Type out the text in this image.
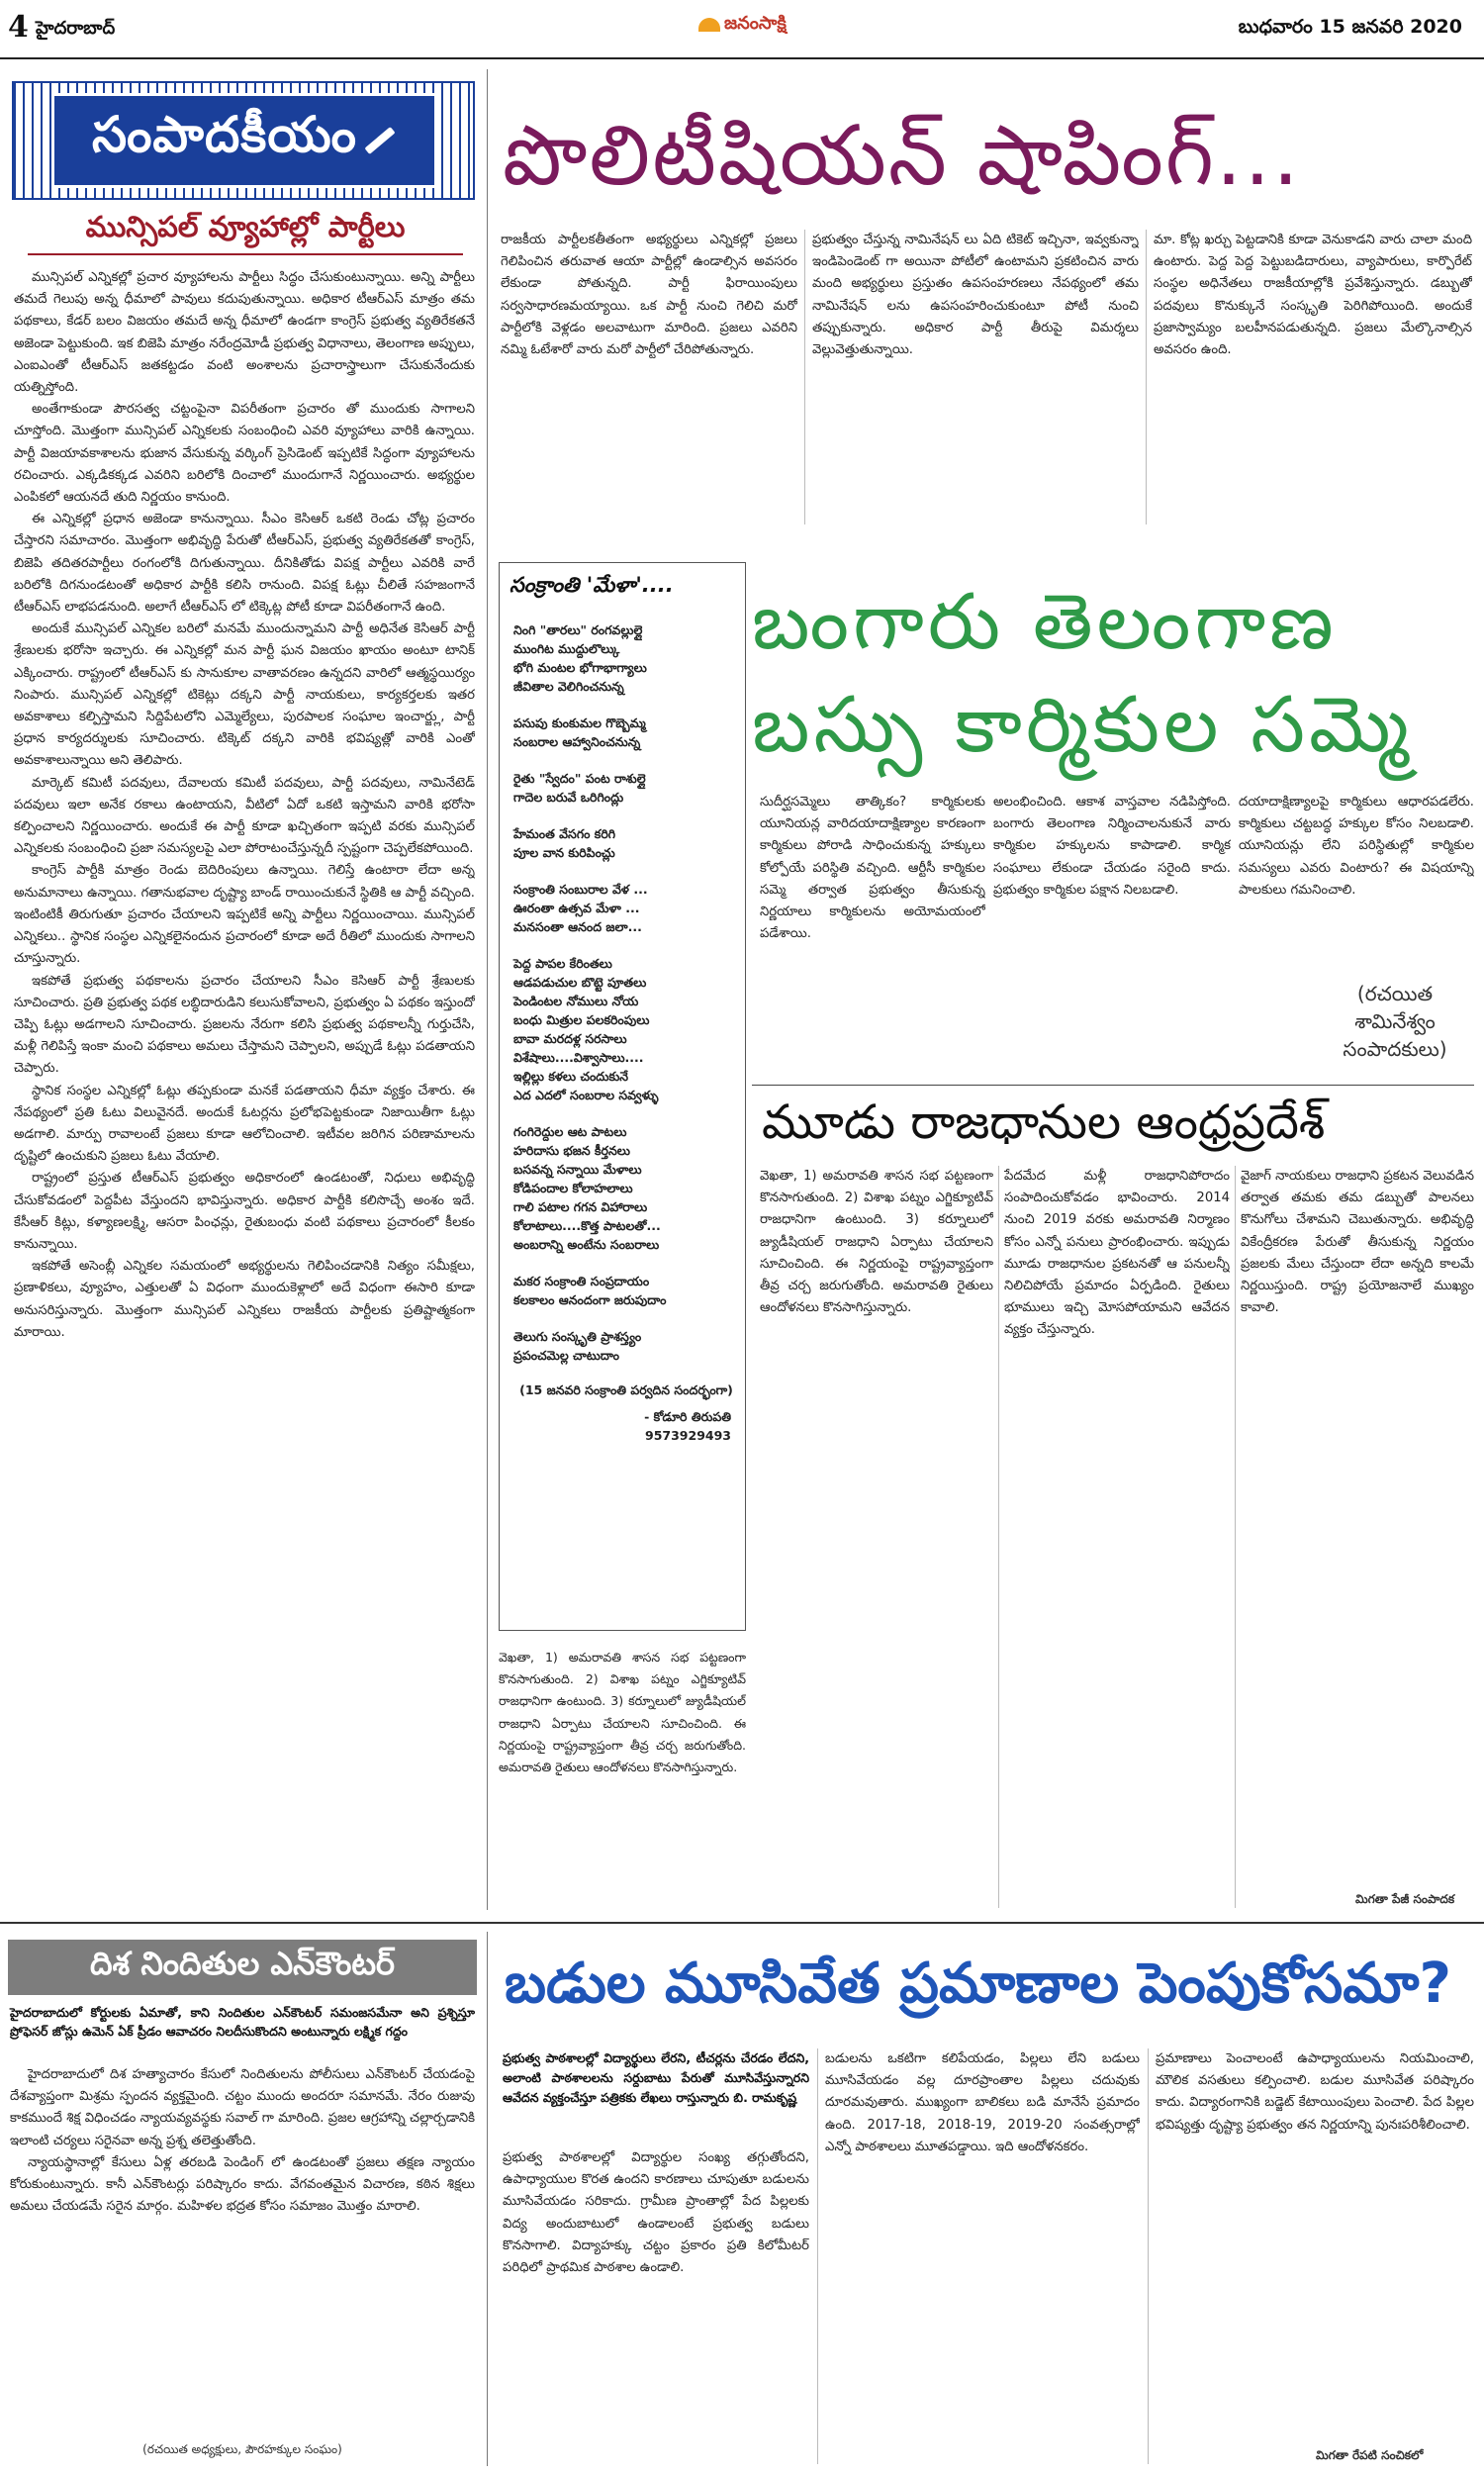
4 హైదరాబాద్	జనంసాక్షి	బుధవారం 15 జనవరి 2020
సంపాదకీయం
మున్సిపల్ వ్యూహాల్లో పార్టీలు

మున్సిపల్ ఎన్నికల్లో ప్రచార వ్యూహాలను పార్టీలు సిద్ధం చేసుకుంటున్నాయి. అన్ని పార్టీలు తమదే గెలుపు అన్న ధీమాలో పావులు కదుపుతున్నాయి. అధికార టీఆర్ఎస్ మాత్రం తమ పథకాలు, కేడర్ బలం విజయం తమదే అన్న ధీమాలో ఉండగా కాంగ్రెస్ ప్రభుత్వ వ్యతిరేకతనే అజెండా పెట్టుకుంది. ఇక బిజెపి మాత్రం నరేంద్రమోడీ ప్రభుత్వ విధానాలు, తెలంగాణ అప్పులు, ఎంఐఎంతో టీఆర్ఎస్ జతకట్టడం వంటి అంశాలను ప్రచారాస్త్రాలుగా చేసుకునేందుకు యత్నిస్తోంది.

అంతేగాకుండా పౌరసత్వ చట్టంపైనా విపరీతంగా ప్రచారం తో ముందుకు సాగాలని చూస్తోంది. మొత్తంగా మున్సిపల్ ఎన్నికలకు సంబంధించి ఎవరి వ్యూహాలు వారికి ఉన్నాయి. పార్టీ విజయావకాశాలను భుజాన వేసుకున్న వర్కింగ్ ప్రెసిడెంట్ ఇప్పటికే సిద్ధంగా వ్యూహాలను రచించారు. ఎక్కడికక్కడ ఎవరిని బరిలోకి దించాలో ముందుగానే నిర్ణయించారు. అభ్యర్థుల ఎంపికలో ఆయనదే తుది నిర్ణయం కానుంది.

ఈ ఎన్నికల్లో ప్రధాన అజెండా కానున్నాయి. సీఎం కెసిఆర్ ఒకటి రెండు చోట్ల ప్రచారం చేస్తారని సమాచారం. మొత్తంగా అభివృద్ధి పేరుతో టీఆర్ఎస్, ప్రభుత్వ వ్యతిరేకతతో కాంగ్రెస్, బిజెపి తదితరపార్టీలు రంగంలోకి దిగుతున్నాయి. దీనికితోడు విపక్ష పార్టీలు ఎవరికి వారే బరిలోకి దిగనుండటంతో అధికార పార్టీకి కలిసి రానుంది. విపక్ష ఓట్లు చీలితే సహజంగానే టీఆర్ఎస్ లాభపడనుంది. అలాగే టీఆర్ఎస్ లో టిక్కెట్ల పోటీ కూడా విపరీతంగానే ఉంది.

అందుకే మున్సిపల్ ఎన్నికల బరిలో మనమే ముందున్నామని పార్టీ అధినేత కెసిఆర్ పార్టీ శ్రేణులకు భరోసా ఇచ్చారు. ఈ ఎన్నికల్లో మన పార్టీ ఘన విజయం ఖాయం అంటూ టానిక్ ఎక్కించారు. రాష్ట్రంలో టీఆర్ఎస్ కు సానుకూల వాతావరణం ఉన్నదని వారిలో ఆత్మస్థయిర్యం నింపారు. మున్సిపల్ ఎన్నికల్లో టికెట్లు దక్కని పార్టీ నాయకులు, కార్యకర్తలకు ఇతర అవకాశాలు కల్పిస్తామని సిద్దిపేటలోని ఎమ్మెల్యేలు, పురపాలక సంఘాల ఇంచార్జ్లు, పార్టీ ప్రధాన కార్యదర్శులకు సూచించారు. టిక్కెట్ దక్కని వారికి భవిష్యత్లో వారికి ఎంతో అవకాశాలున్నాయి అని తెలిపారు.

మార్కెట్ కమిటీ పదవులు, దేవాలయ కమిటీ పదవులు, పార్టీ పదవులు, నామినేటెడ్ పదవులు ఇలా అనేక రకాలు ఉంటాయని, వీటిలో ఏదో ఒకటి ఇస్తామని వారికి భరోసా కల్పించాలని నిర్ణయించారు. అందుకే ఈ పార్టీ కూడా ఖచ్చితంగా ఇప్పటి వరకు మున్సిపల్ ఎన్నికలకు సంబంధించి ప్రజా సమస్యలపై ఎలా పోరాటంచేస్తున్నదీ స్పష్టంగా చెప్పలేకపోయింది.

కాంగ్రెస్ పార్టీకి మాత్రం రెండు బెదిరింపులు ఉన్నాయి. గెలిస్తే ఉంటారా లేదా అన్న అనుమానాలు ఉన్నాయి. గతానుభవాల దృష్ట్యా బాండ్ రాయించుకునే స్థితికి ఆ పార్టీ వచ్చింది. ఇంటింటికీ తిరుగుతూ ప్రచారం చేయాలని ఇప్పటికే అన్ని పార్టీలు నిర్ణయించాయి. మున్సిపల్ ఎన్నికలు.. స్థానిక సంస్థల ఎన్నికలైనందున ప్రచారంలో కూడా అదే రీతిలో ముందుకు సాగాలని చూస్తున్నారు.

ఇకపోతే ప్రభుత్వ పథకాలను ప్రచారం చేయాలని సీఎం కెసిఆర్ పార్టీ శ్రేణులకు సూచించారు. ప్రతి ప్రభుత్వ పథక లబ్ధిదారుడిని కలుసుకోవాలని, ప్రభుత్వం ఏ పథకం ఇస్తుందో చెప్పి ఓట్లు అడగాలని సూచించారు. ప్రజలను నేరుగా కలిసి ప్రభుత్వ పథకాలన్నీ గుర్తుచేసి, మళ్లీ గెలిపిస్తే ఇంకా మంచి పథకాలు అమలు చేస్తామని చెప్పాలని, అప్పుడే ఓట్లు పడతాయని చెప్పారు.

స్థానిక సంస్థల ఎన్నికల్లో ఓట్లు తప్పకుండా మనకే పడతాయని ధీమా వ్యక్తం చేశారు. ఈ నేపథ్యంలో ప్రతి ఓటు విలువైనదే. అందుకే ఓటర్లను ప్రలోభపెట్టకుండా నిజాయితీగా ఓట్లు అడగాలి. మార్పు రావాలంటే ప్రజలు కూడా ఆలోచించాలి. ఇటీవల జరిగిన పరిణామాలను దృష్టిలో ఉంచుకుని ప్రజలు ఓటు వేయాలి.

రాష్ట్రంలో ప్రస్తుత టీఆర్ఎస్ ప్రభుత్వం అధికారంలో ఉండటంతో, నిధులు అభివృద్ధి చేసుకోవడంలో పెద్దపీట వేస్తుందని భావిస్తున్నారు. అధికార పార్టీకి కలిసొచ్చే అంశం ఇదే. కేసీఆర్ కిట్లు, కళ్యాణలక్ష్మి, ఆసరా పింఛన్లు, రైతుబంధు వంటి పథకాలు ప్రచారంలో కీలకం కానున్నాయి.

ఇకపోతే అసెంబ్లీ ఎన్నికల సమయంలో అభ్యర్థులను గెలిపించడానికి నిత్యం సమీక్షలు, ప్రణాళికలు, వ్యూహం, ఎత్తులతో ఏ విధంగా ముందుకెళ్లాలో అదే విధంగా ఈసారి కూడా అనుసరిస్తున్నారు. మొత్తంగా మున్సిపల్ ఎన్నికలు రాజకీయ పార్టీలకు ప్రతిష్టాత్మకంగా మారాయి.

పొలిటీషియన్ షాపింగ్...
రాజకీయ పార్టీలకతీతంగా అభ్యర్థులు ఎన్నికల్లో ప్రజలు గెలిపించిన తరువాత ఆయా పార్టీల్లో ఉండాల్సిన అవసరం లేకుండా పోతున్నది. పార్టీ ఫిరాయింపులు సర్వసాధారణమయ్యాయి. ఒక పార్టీ నుంచి గెలిచి మరో పార్టీలోకి వెళ్లడం అలవాటుగా మారింది. ప్రజలు ఎవరిని నమ్మి ఓటేశారో వారు మరో పార్టీలో చేరిపోతున్నారు.
ప్రభుత్వం చేస్తున్న నామినేషన్ లు ఏది టికెట్ ఇచ్చినా, ఇవ్వకున్నా ఇండిపెండెంట్ గా అయినా పోటీలో ఉంటామని ప్రకటించిన వారు మంది అభ్యర్థులు ప్రస్తుతం ఉపసంహరణలు నేపథ్యంలో తమ నామినేషన్ లను ఉపసంహరించుకుంటూ పోటీ నుంచి తప్పుకున్నారు. అధికార పార్టీ తీరుపై విమర్శలు వెల్లువెత్తుతున్నాయి.
మా. కోట్ల ఖర్చు పెట్టడానికి కూడా వెనుకాడని వారు చాలా మంది ఉంటారు. పెద్ద పెద్ద పెట్టుబడిదారులు, వ్యాపారులు, కార్పొరేట్ సంస్థల అధినేతలు రాజకీయాల్లోకి ప్రవేశిస్తున్నారు. డబ్బుతో పదవులు కొనుక్కునే సంస్కృతి పెరిగిపోయింది. అందుకే ప్రజాస్వామ్యం బలహీనపడుతున్నది. ప్రజలు మేల్కొనాల్సిన అవసరం ఉంది.
సంక్రాంతి 'మేళా'....
నింగి "తారలు" రంగవల్లుల్లై
ముంగిట ముద్దులొల్కు
భోగి మంటల భోగాభాగ్యాలు
జీవితాల వెలిగించనున్న
పసుపు కుంకుమల గొబ్బెమ్మ
సంబరాల ఆహ్వానించనున్న
రైతు "స్వేదం" పంట రాశుల్లై
గాదెల బరువే ఒరిగింద్లు
హేమంత వేసగం కరిగి
పూల వాన కురిపించ్లు
సంక్రాంతి సంబురాల వేళ ...
ఊరంతా ఉత్సవ మేళా ...
మనసంతా ఆనంద జలా...
పెద్ద పాపల కేరింతలు
ఆడపడుచుల బొట్టె పూతలు
పెండింటల నోములు నోయ
బంధు మిత్రుల పలకరింపులు
బావా మరదళ్ల సరసాలు
విశేషాలు....విశ్వాసాలు....
ఇల్లిల్లు కళలు చందుకునే
ఎద ఎదలో సంబరాల సవ్వళ్ళు
గంగిరెద్దుల ఆట పాటలు
హరిదాసు భజన కీర్తనలు
బసవన్న సన్నాయి మేళాలు
కోడిపందాల కోలాహలాలు
గాలి పటాల గగన విహారాలు
కోలాటాలు....కొత్త పాటలతో...
అంబరాన్ని అంటేను సంబరాలు
మకర సంక్రాంతి సంప్రదాయం
కలకాలం ఆనందంగా జరుపుదాం
తెలుగు సంస్కృతి ప్రాశస్త్యం
ప్రపంచమెల్ల చాటుదాం
(15 జనవరి సంక్రాంతి పర్వదిన సందర్భంగా)
- కోడూరి తిరుపతి
9573929493
బంగారు తెలంగాణ
బస్సు కార్మికుల సమ్మె
సుదీర్ఘసమ్మెలు తాత్కికం? కార్మికులకు యూనియన్ల వారిదయాదాక్షిణ్యాల కారణంగా కార్మికులు పోరాడి సాధించుకున్న హక్కులు కోల్పోయే పరిస్థితి వచ్చింది. ఆర్టీసీ కార్మికుల సమ్మె తర్వాత ప్రభుత్వం తీసుకున్న నిర్ణయాలు కార్మికులను అయోమయంలో పడేశాయి.
అలంభించింది. ఆకాశ వాస్తవాల నడిపిస్తోంది. బంగారు తెలంగాణ నిర్మించాలనుకునే వారు కార్మికుల హక్కులను కాపాడాలి. కార్మిక సంఘాలు లేకుండా చేయడం సరైంది కాదు. ప్రభుత్వం కార్మికుల పక్షాన నిలబడాలి.
దయాదాక్షిణ్యాలపై కార్మికులు ఆధారపడలేరు. కార్మికులు చట్టబద్ధ హక్కుల కోసం నిలబడాలి. యూనియన్లు లేని పరిస్థితుల్లో కార్మికుల సమస్యలు ఎవరు వింటారు? ఈ విషయాన్ని పాలకులు గమనించాలి.
(రచయిత
శామినేశ్వం
సంపాదకులు)
మూడు రాజధానుల ఆంధ్రప్రదేశ్
వెఖతా, 1) అమరావతి శాసన సభ పట్టణంగా కొనసాగుతుంది. 2) విశాఖ పట్నం ఎగ్జిక్యూటివ్ రాజధానిగా ఉంటుంది. 3) కర్నూలులో జ్యుడీషియల్ రాజధాని ఏర్పాటు చేయాలని సూచించింది. ఈ నిర్ణయంపై రాష్ట్రవ్యాప్తంగా తీవ్ర చర్చ జరుగుతోంది. అమరావతి రైతులు ఆందోళనలు కొనసాగిస్తున్నారు.
పేదమేద మళ్లీ రాజధానిపోరాదం సంపాదించుకోవడం భావించారు. 2014 నుంచి 2019 వరకు అమరావతి నిర్మాణం కోసం ఎన్నో పనులు ప్రారంభించారు. ఇప్పుడు మూడు రాజధానుల ప్రకటనతో ఆ పనులన్నీ నిలిచిపోయే ప్రమాదం ఏర్పడింది. రైతులు భూములు ఇచ్చి మోసపోయామని ఆవేదన వ్యక్తం చేస్తున్నారు.
వైజాగ్ నాయకులు రాజధాని ప్రకటన వెలువడిన తర్వాత తమకు తమ డబ్బుతో పాలనలు కొనుగోలు చేశామని చెబుతున్నారు. అభివృద్ధి వికేంద్రీకరణ పేరుతో తీసుకున్న నిర్ణయం ప్రజలకు మేలు చేస్తుందా లేదా అన్నది కాలమే నిర్ణయిస్తుంది. రాష్ట్ర ప్రయోజనాలే ముఖ్యం కావాలి.
మిగతా పేజీ సంపాదక

వెఖతా, 1) అమరావతి శాసన సభ పట్టణంగా కొనసాగుతుంది. 2) విశాఖ పట్నం ఎగ్జిక్యూటివ్ రాజధానిగా ఉంటుంది. 3) కర్నూలులో జ్యుడీషియల్ రాజధాని ఏర్పాటు చేయాలని సూచించింది. ఈ నిర్ణయంపై రాష్ట్రవ్యాప్తంగా తీవ్ర చర్చ జరుగుతోంది. అమరావతి రైతులు ఆందోళనలు కొనసాగిస్తున్నారు.

దిశ నిందితుల ఎన్‌కౌంటర్
హైదరాబాదులో కోర్టులకు ఏమాతో, కాని నిందితుల ఎన్‌కౌంటర్ సమంజసమేనా అని ప్రశ్నిస్తూ ప్రోఫెసర్ జోస్లు ఉమెన్ ఏక్ ప్రీడం ఆవాచరం నిలదీసుకొందని అంటున్నారు లక్ష్మిక గద్దం

హైదరాబాదులో దిశ హత్యాచారం కేసులో నిందితులను పోలీసులు ఎన్‌కౌంటర్ చేయడంపై దేశవ్యాప్తంగా మిశ్రమ స్పందన వ్యక్తమైంది. చట్టం ముందు అందరూ సమానమే. నేరం రుజువు కాకముందే శిక్ష విధించడం న్యాయవ్యవస్థకు సవాల్ గా మారింది. ప్రజల ఆగ్రహాన్ని చల్లార్చడానికి ఇలాంటి చర్యలు సరైనవా అన్న ప్రశ్న తలెత్తుతోంది.

న్యాయస్థానాల్లో కేసులు ఏళ్ల తరబడి పెండింగ్ లో ఉండటంతో ప్రజలు తక్షణ న్యాయం కోరుకుంటున్నారు. కానీ ఎన్‌కౌంటర్లు పరిష్కారం కాదు. వేగవంతమైన విచారణ, కఠిన శిక్షలు అమలు చేయడమే సరైన మార్గం. మహిళల భద్రత కోసం సమాజం మొత్తం మారాలి.

(రచయిత అధ్యక్షులు, పౌరహక్కుల సంఘం)
బడుల మూసివేత ప్రమాణాల పెంపుకోసమా?
ప్రభుత్వ పాఠశాలల్లో విద్యార్థులు లేరని, టీచర్లను చేరడం లేదని, అలాంటి పాఠశాలలను సర్దుబాటు పేరుతో మూసివేస్తున్నారని ఆవేదన వ్యక్తంచేస్తూ పత్రికకు లేఖలు రాస్తున్నారు బి. రామకృష్ణ
ప్రభుత్వ పాఠశాలల్లో విద్యార్థుల సంఖ్య తగ్గుతోందని, ఉపాధ్యాయుల కొరత ఉందని కారణాలు చూపుతూ బడులను మూసివేయడం సరికాదు. గ్రామీణ ప్రాంతాల్లో పేద పిల్లలకు విద్య అందుబాటులో ఉండాలంటే ప్రభుత్వ బడులు కొనసాగాలి. విద్యాహక్కు చట్టం ప్రకారం ప్రతి కిలోమీటర్ పరిధిలో ప్రాథమిక పాఠశాల ఉండాలి.
బడులను ఒకటిగా కలిపేయడం, పిల్లలు లేని బడులు మూసివేయడం వల్ల దూరప్రాంతాల పిల్లలు చదువుకు దూరమవుతారు. ముఖ్యంగా బాలికలు బడి మానేసే ప్రమాదం ఉంది. 2017-18, 2018-19, 2019-20 సంవత్సరాల్లో ఎన్నో పాఠశాలలు మూతపడ్డాయి. ఇది ఆందోళనకరం.
ప్రమాణాలు పెంచాలంటే ఉపాధ్యాయులను నియమించాలి, మౌలిక వసతులు కల్పించాలి. బడుల మూసివేత పరిష్కారం కాదు. విద్యారంగానికి బడ్జెట్ కేటాయింపులు పెంచాలి. పేద పిల్లల భవిష్యత్తు దృష్ట్యా ప్రభుత్వం తన నిర్ణయాన్ని పునఃపరిశీలించాలి.
మిగతా రేపటి సంచికలో
